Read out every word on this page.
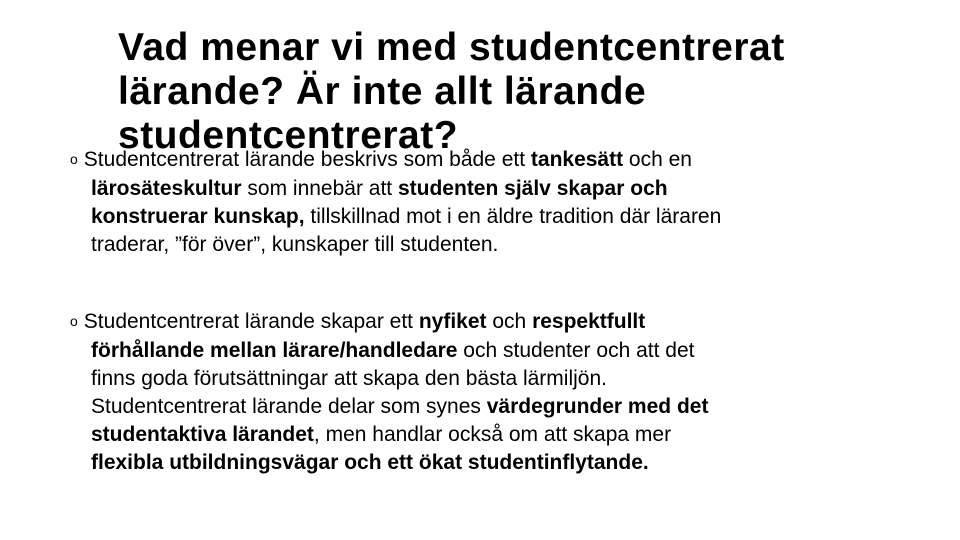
o Studentcentrerat lärande beskrivs som både ett tankesätt och en
lärosäteskultur som innebär att studenten själv skapar och
konstruerar kunskap, tillskillnad mot i en äldre tradition där läraren
traderar, ”för över”, kunskaper till studenten.
o Studentcentrerat lärande skapar ett nyfiket och respektfullt
förhållande mellan lärare/handledare och studenter och att det
finns goda förutsättningar att skapa den bästa lärmiljön.
Studentcentrerat lärande delar som synes värdegrunder med det
studentaktiva lärandet, men handlar också om att skapa mer
flexibla utbildningsvägar och ett ökat studentinflytande.
Vad menar vi med studentcentrerat
lärande? Är inte allt lärande
studentcentrerat?
